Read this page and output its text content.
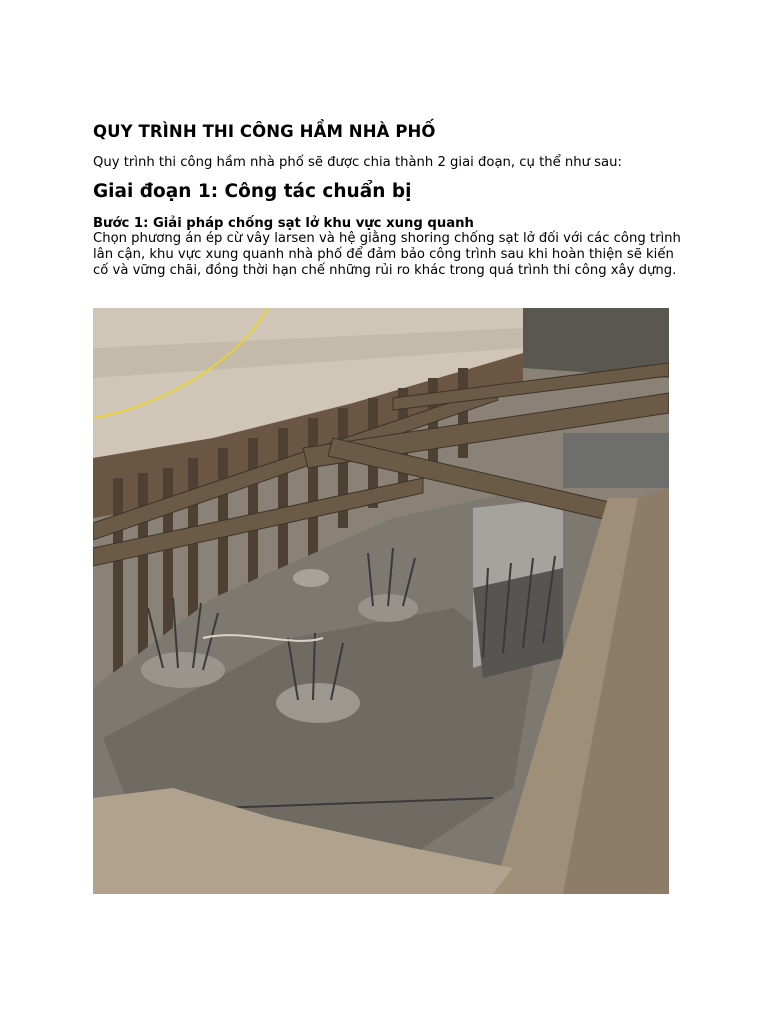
QUY TRÌNH THI CÔNG HẦM NHÀ PHỐ
Quy trình thi công hầm nhà phố sẽ được chia thành 2 giai đoạn, cụ thể như sau:
Giai đoạn 1: Công tác chuẩn bị
Bước 1: Giải pháp chống sạt lở khu vực xung quanh
Chọn phương án ép cừ vây larsen và hệ giằng shoring chống sạt lở đối với các công trình lân cận, khu vực xung quanh nhà phố để đảm bảo công trình sau khi hoàn thiện sẽ kiến cố và vững chãi, đồng thời hạn chế những rủi ro khác trong quá trình thi công xây dựng.
